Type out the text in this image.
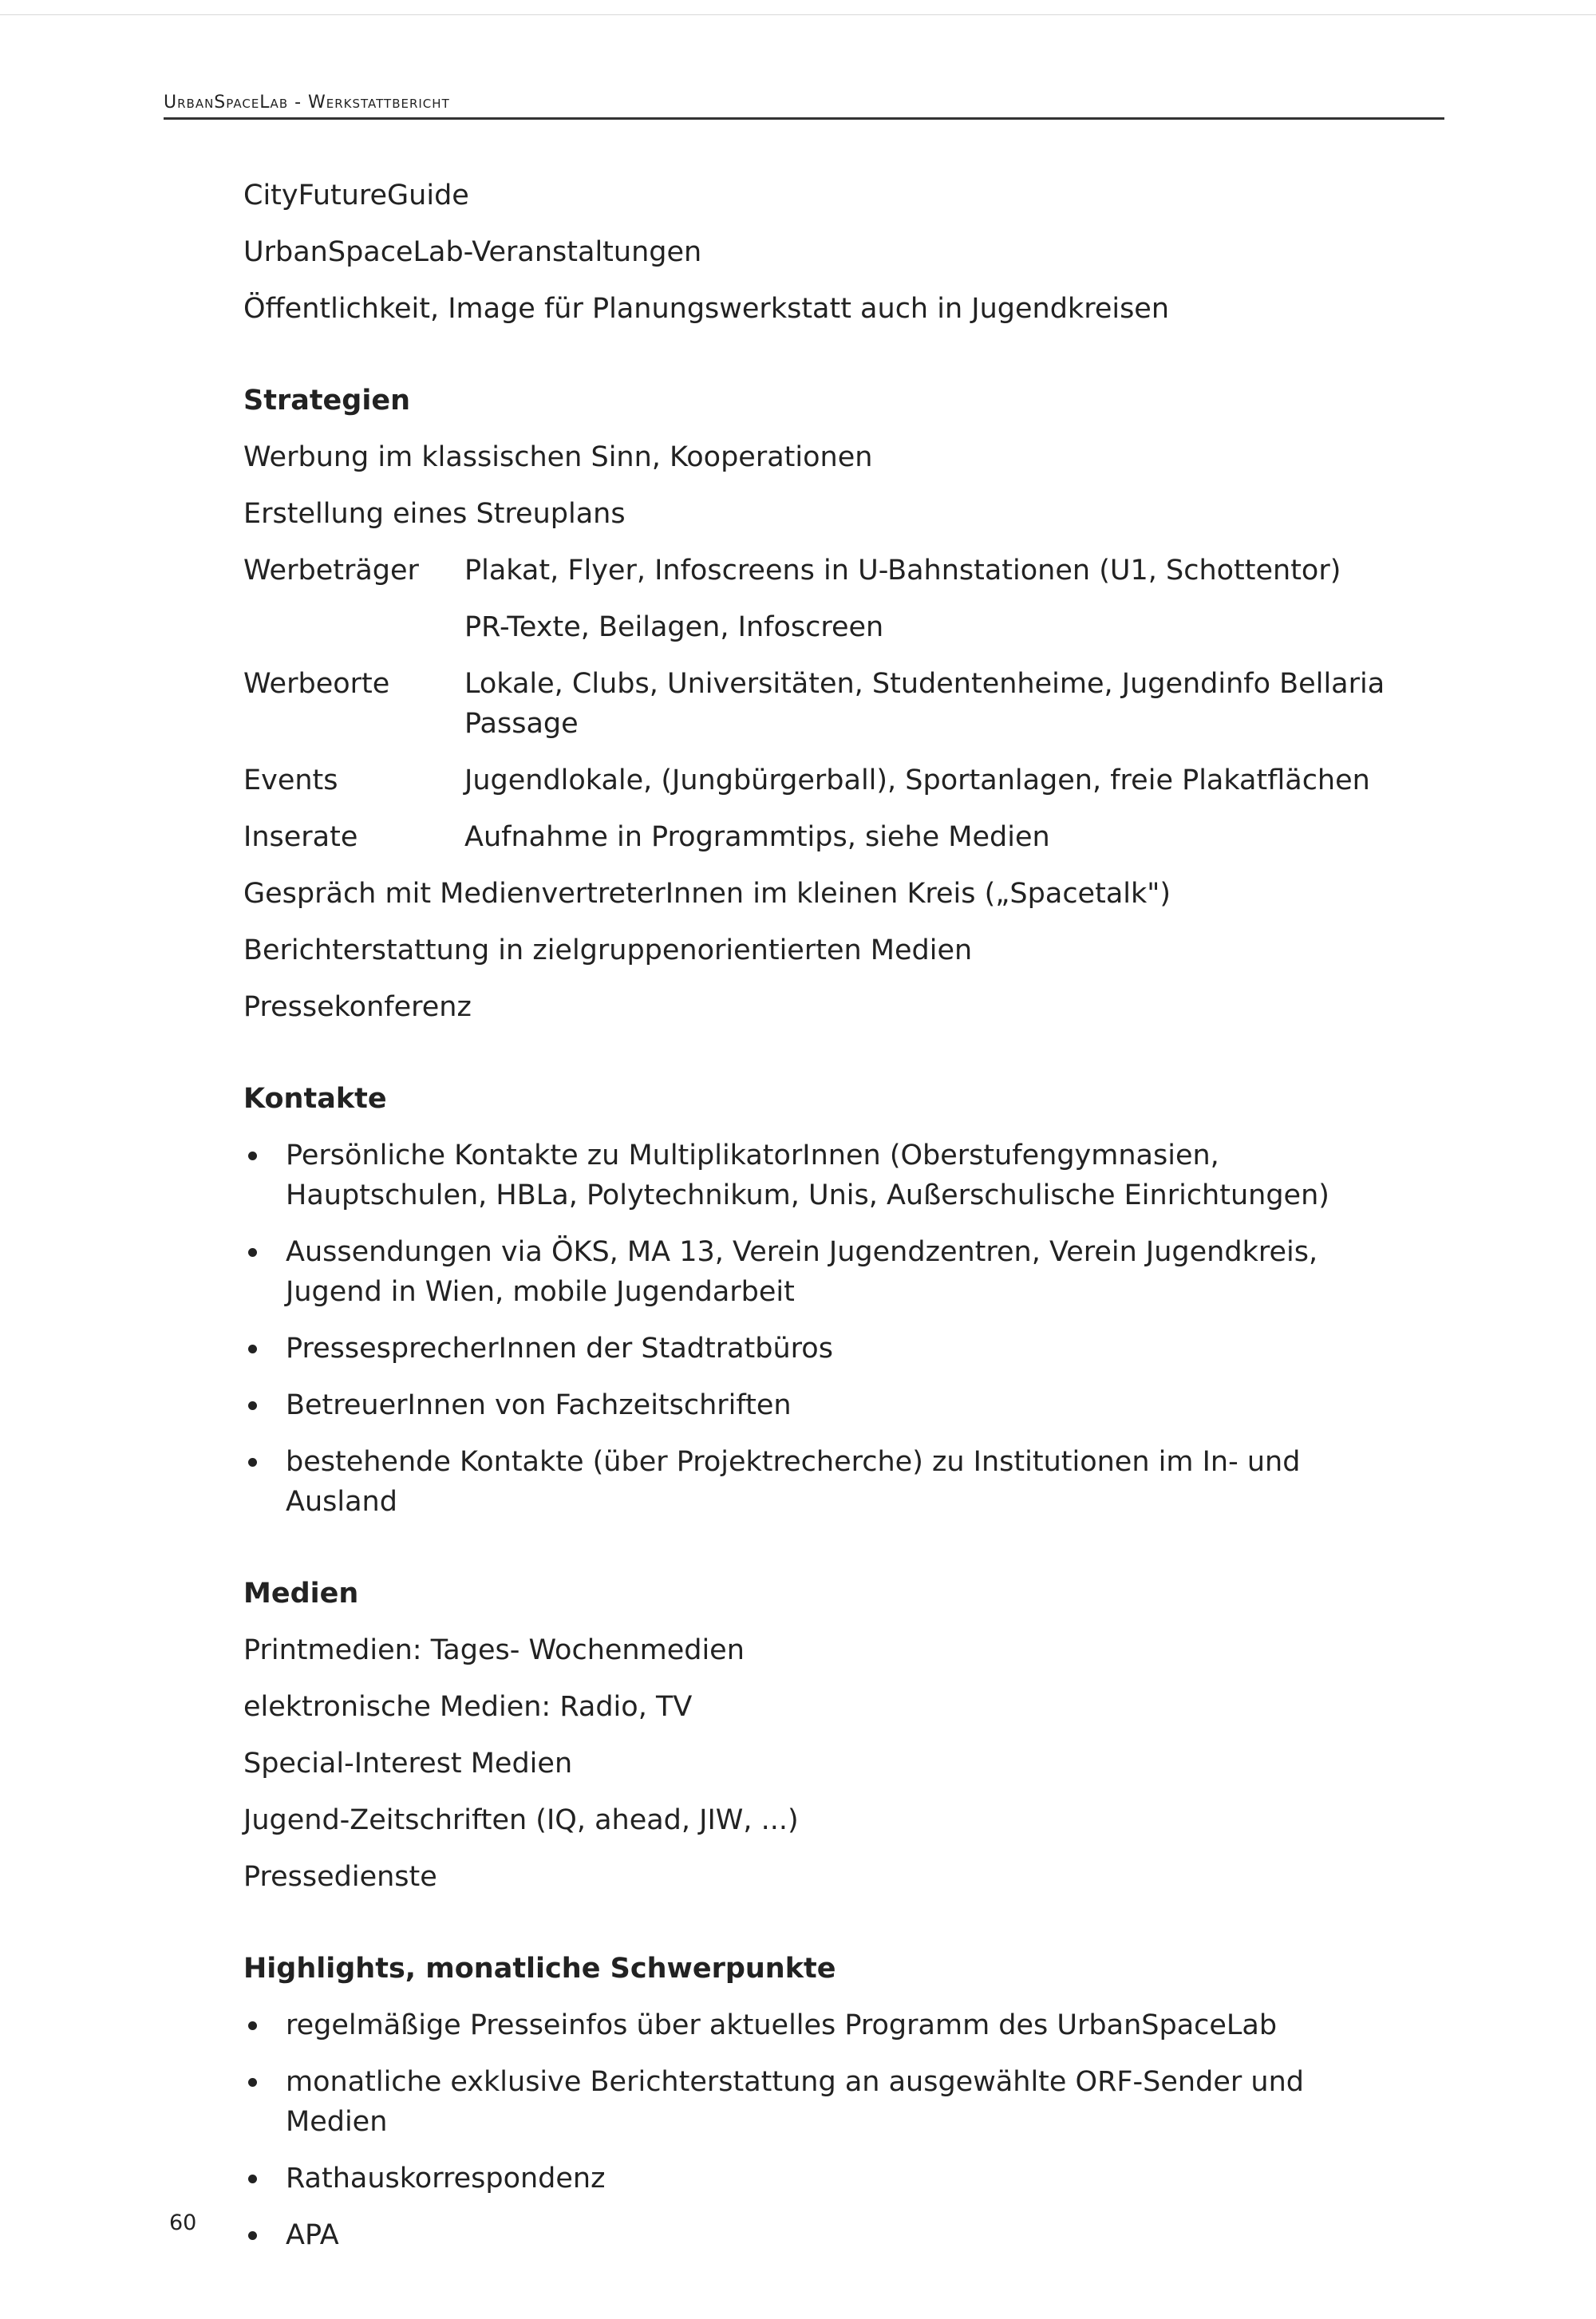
UrbanSpaceLab - Werkstattbericht
CityFutureGuide
UrbanSpaceLab-Veranstaltungen
Öffentlichkeit, Image für Planungswerkstatt auch in Jugendkreisen
Strategien
Werbung im klassischen Sinn, Kooperationen
Erstellung eines Streuplans
Werbeträger	Plakat, Flyer, Infoscreens in U-Bahnstationen (U1, Schottentor)
PR-Texte, Beilagen, Infoscreen
Werbeorte	Lokale, Clubs, Universitäten, Studentenheime, Jugendinfo Bellaria Passage
Events	Jugendlokale, (Jungbürgerball), Sportanlagen, freie Plakatflächen
Inserate	Aufnahme in Programmtips, siehe Medien
Gespräch mit MedienvertreterInnen im kleinen Kreis („Spacetalk")
Berichterstattung in zielgruppenorientierten Medien
Pressekonferenz
Kontakte
Persönliche Kontakte zu MultiplikatorInnen (Oberstufengymnasien, Hauptschulen, HBLa, Polytechnikum, Unis, Außerschulische Einrichtungen)
Aussendungen via ÖKS, MA 13, Verein Jugendzentren, Verein Jugendkreis, Jugend in Wien, mobile Jugendarbeit
PressesprecherInnen der Stadtratbüros
BetreuerInnen von Fachzeitschriften
bestehende Kontakte (über Projektrecherche) zu Institutionen im In- und Ausland
Medien
Printmedien: Tages- Wochenmedien
elektronische Medien: Radio, TV
Special-Interest Medien
Jugend-Zeitschriften (IQ, ahead, JIW, ...)
Pressedienste
Highlights, monatliche Schwerpunkte
regelmäßige Presseinfos über aktuelles Programm des UrbanSpaceLab
monatliche exklusive Berichterstattung an ausgewählte ORF-Sender und Medien
Rathauskorrespondenz
APA
60
